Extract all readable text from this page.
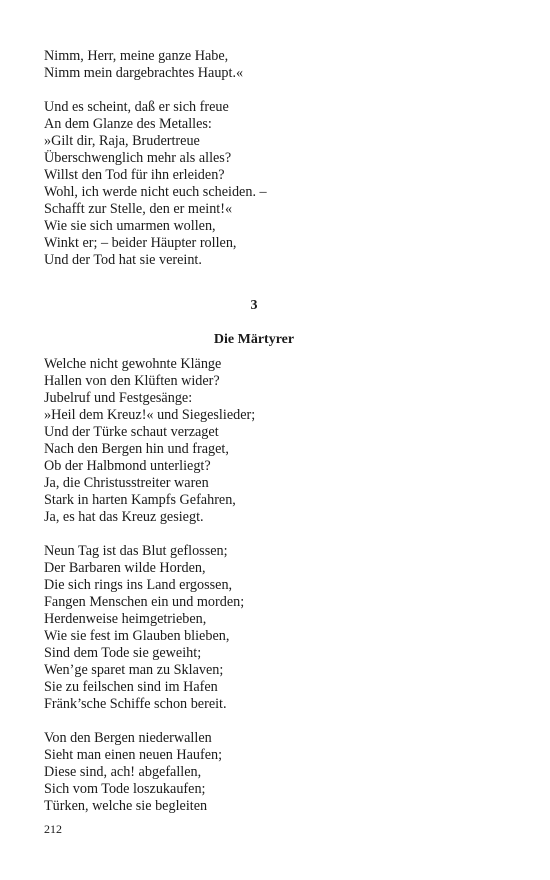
Nimm, Herr, meine ganze Habe,
Nimm mein dargebrachtes Haupt.«
Und es scheint, daß er sich freue
An dem Glanze des Metalles:
»Gilt dir, Raja, Brudertreue
Überschwenglich mehr als alles?
Willst den Tod für ihn erleiden?
Wohl, ich werde nicht euch scheiden. –
Schafft zur Stelle, den er meint!«
Wie sie sich umarmen wollen,
Winkt er; – beider Häupter rollen,
Und der Tod hat sie vereint.
3
Die Märtyrer
Welche nicht gewohnte Klänge
Hallen von den Klüften wider?
Jubelruf und Festgesänge:
»Heil dem Kreuz!« und Siegeslieder;
Und der Türke schaut verzaget
Nach den Bergen hin und fraget,
Ob der Halbmond unterliegt?
Ja, die Christusstreiter waren
Stark in harten Kampfs Gefahren,
Ja, es hat das Kreuz gesiegt.
Neun Tag ist das Blut geflossen;
Der Barbaren wilde Horden,
Die sich rings ins Land ergossen,
Fangen Menschen ein und morden;
Herdenweise heimgetrieben,
Wie sie fest im Glauben blieben,
Sind dem Tode sie geweiht;
Wen’ge sparet man zu Sklaven;
Sie zu feilschen sind im Hafen
Fränk’sche Schiffe schon bereit.
Von den Bergen niederwallen
Sieht man einen neuen Haufen;
Diese sind, ach! abgefallen,
Sich vom Tode loszukaufen;
Türken, welche sie begleiten
212
